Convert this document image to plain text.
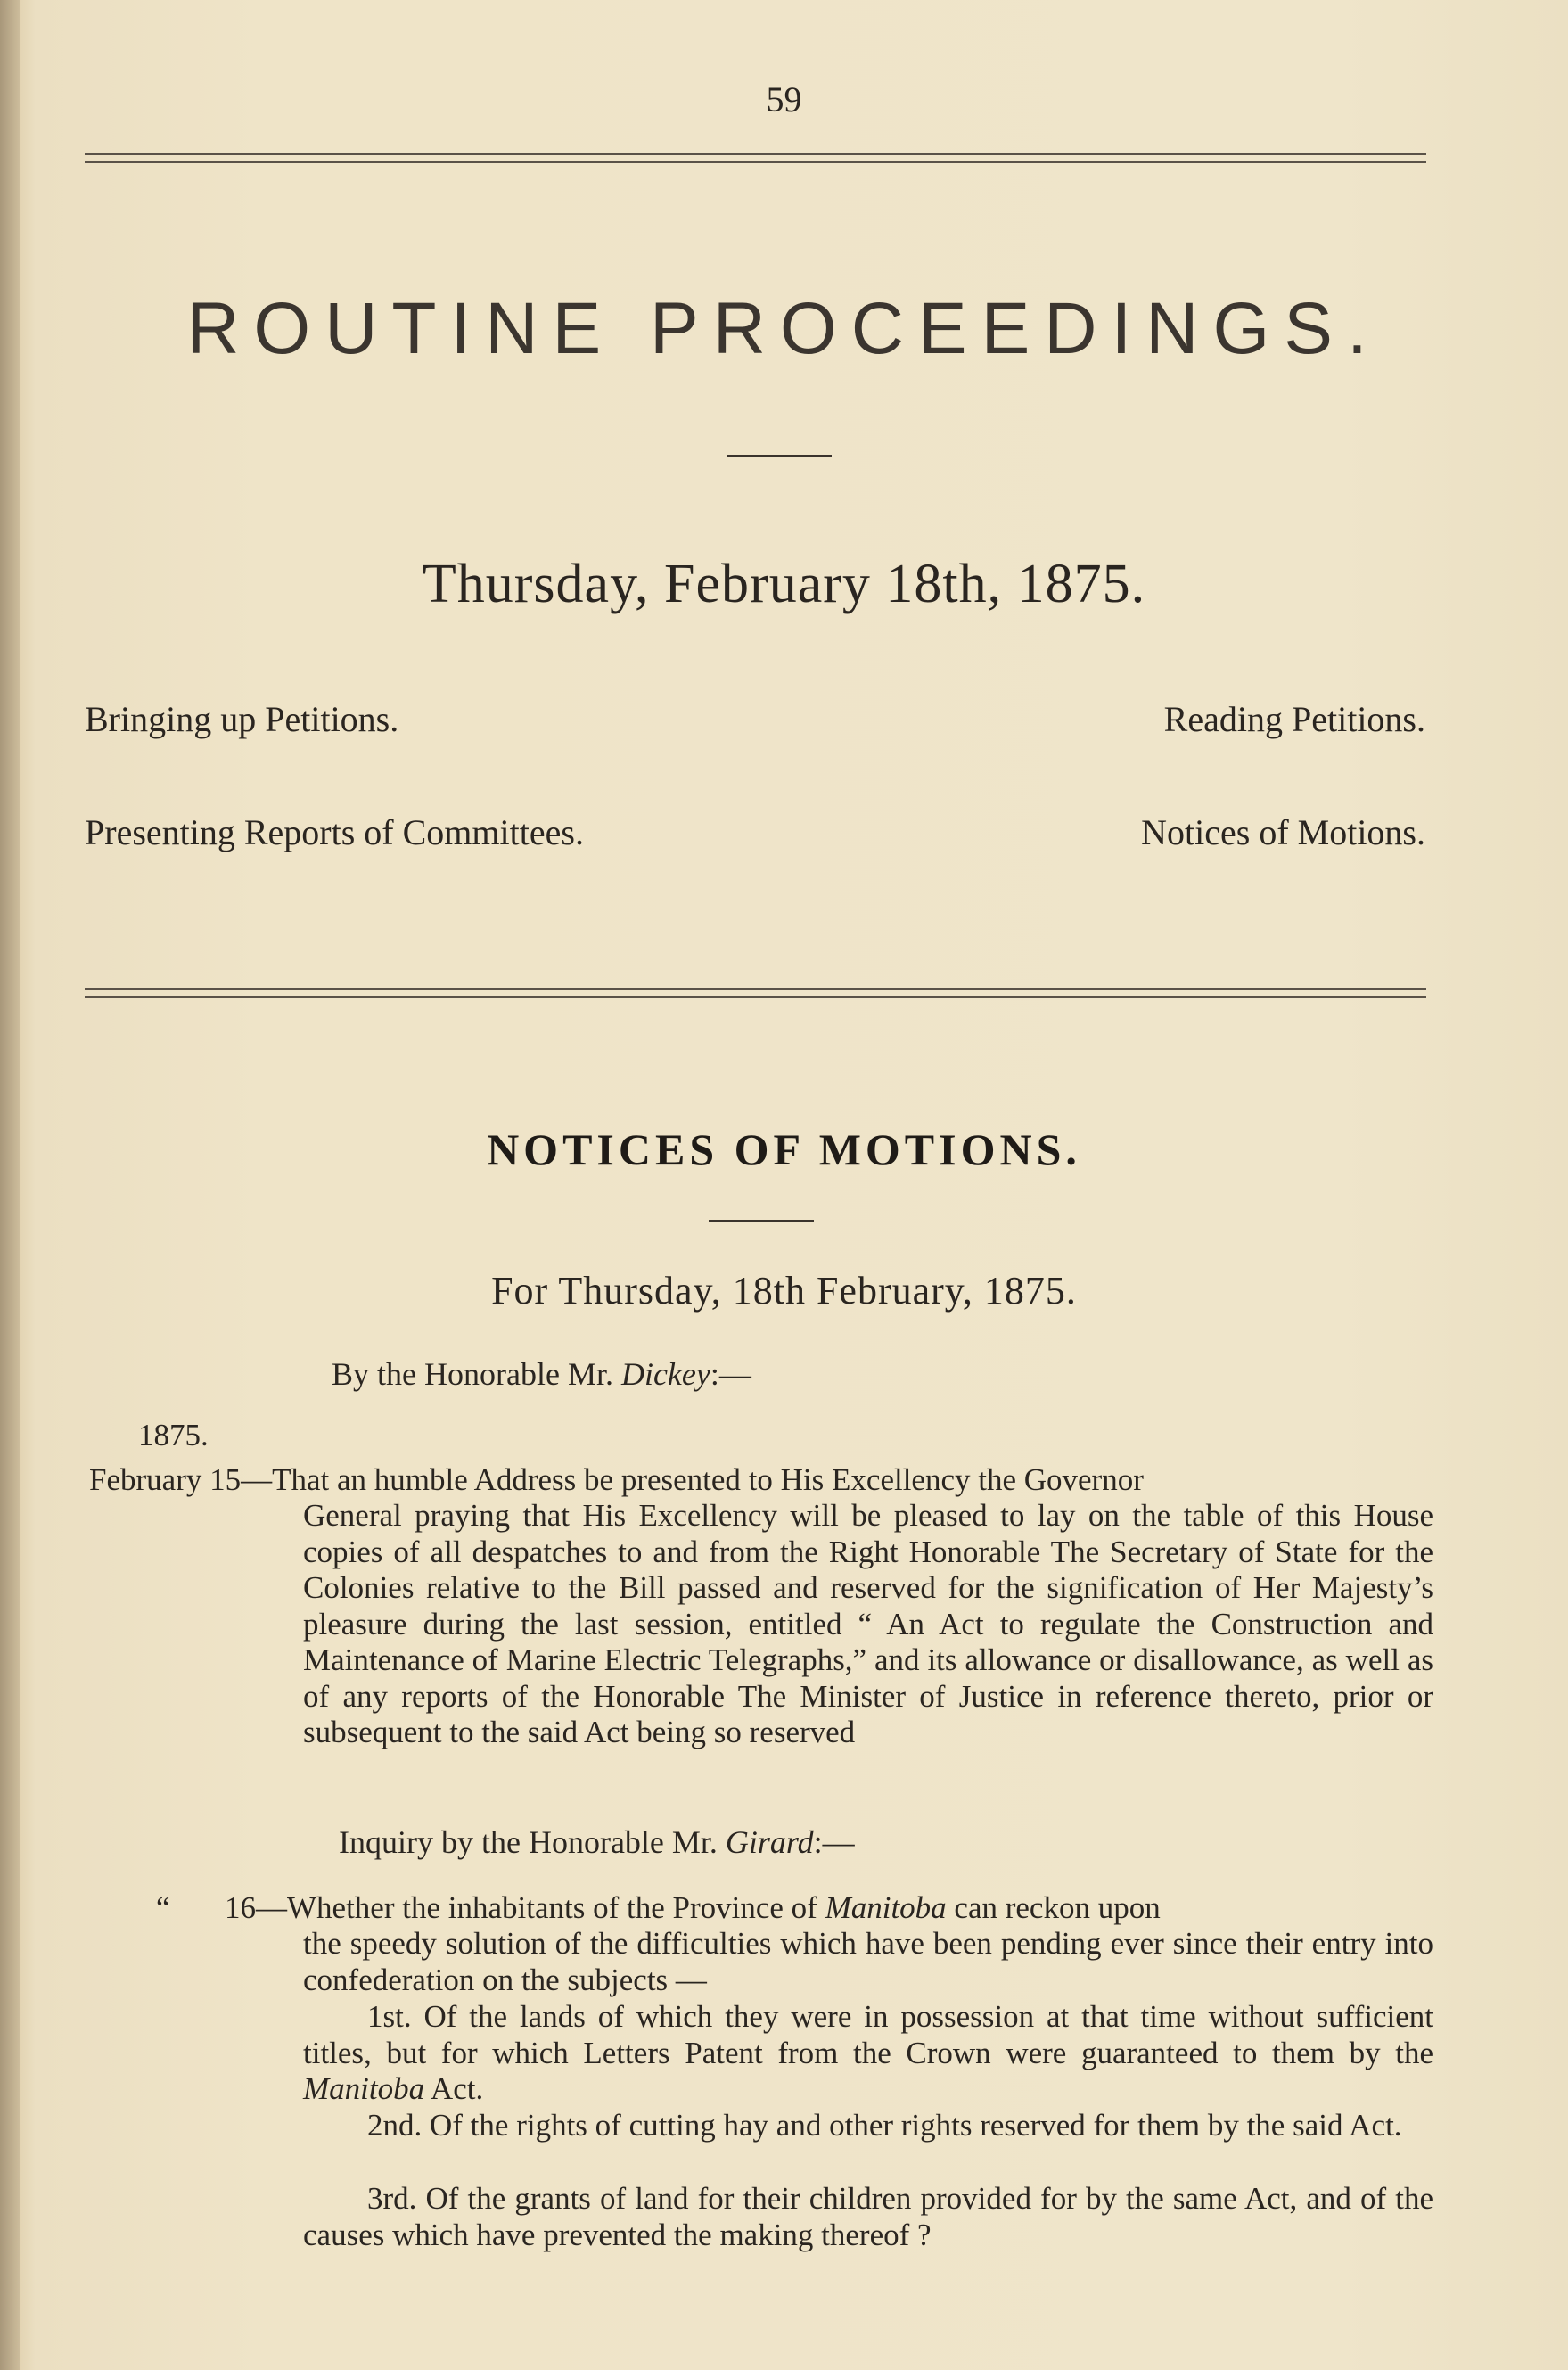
59
ROUTINE PROCEEDINGS.
Thursday, February 18th, 1875.
Bringing up Petitions.	Reading Petitions.
Presenting Reports of Committees.	Notices of Motions.
NOTICES OF MOTIONS.
For Thursday, 18th February, 1875.
By the Honorable Mr. Dickey:—
1875.
February 15—That an humble Address be presented to His Excellency the Governor
General praying that His Excellency will be pleased to lay on the table of this House copies of all despatches to and from the Right Honorable The Secretary of State for the Colonies relative to the Bill passed and reserved for the signification of Her Majesty’s pleasure during the last session, entitled “ An Act to regulate the Construction and Maintenance of Marine Electric Telegraphs,” and its allowance or disallowance, as well as of any reports of the Honorable The Minister of Justice in reference thereto, prior or subsequent to the said Act being so reserved
Inquiry by the Honorable Mr. Girard:—
“ 16—Whether the inhabitants of the Province of Manitoba can reckon upon
the speedy solution of the difficulties which have been pending ever since their entry into confederation on the subjects —
1st. Of the lands of which they were in possession at that time without sufficient titles, but for which Letters Patent from the Crown were guaranteed to them by the Manitoba Act.
2nd. Of the rights of cutting hay and other rights reserved for them by the said Act.
3rd. Of the grants of land for their children provided for by the same Act, and of the causes which have prevented the making thereof ?
